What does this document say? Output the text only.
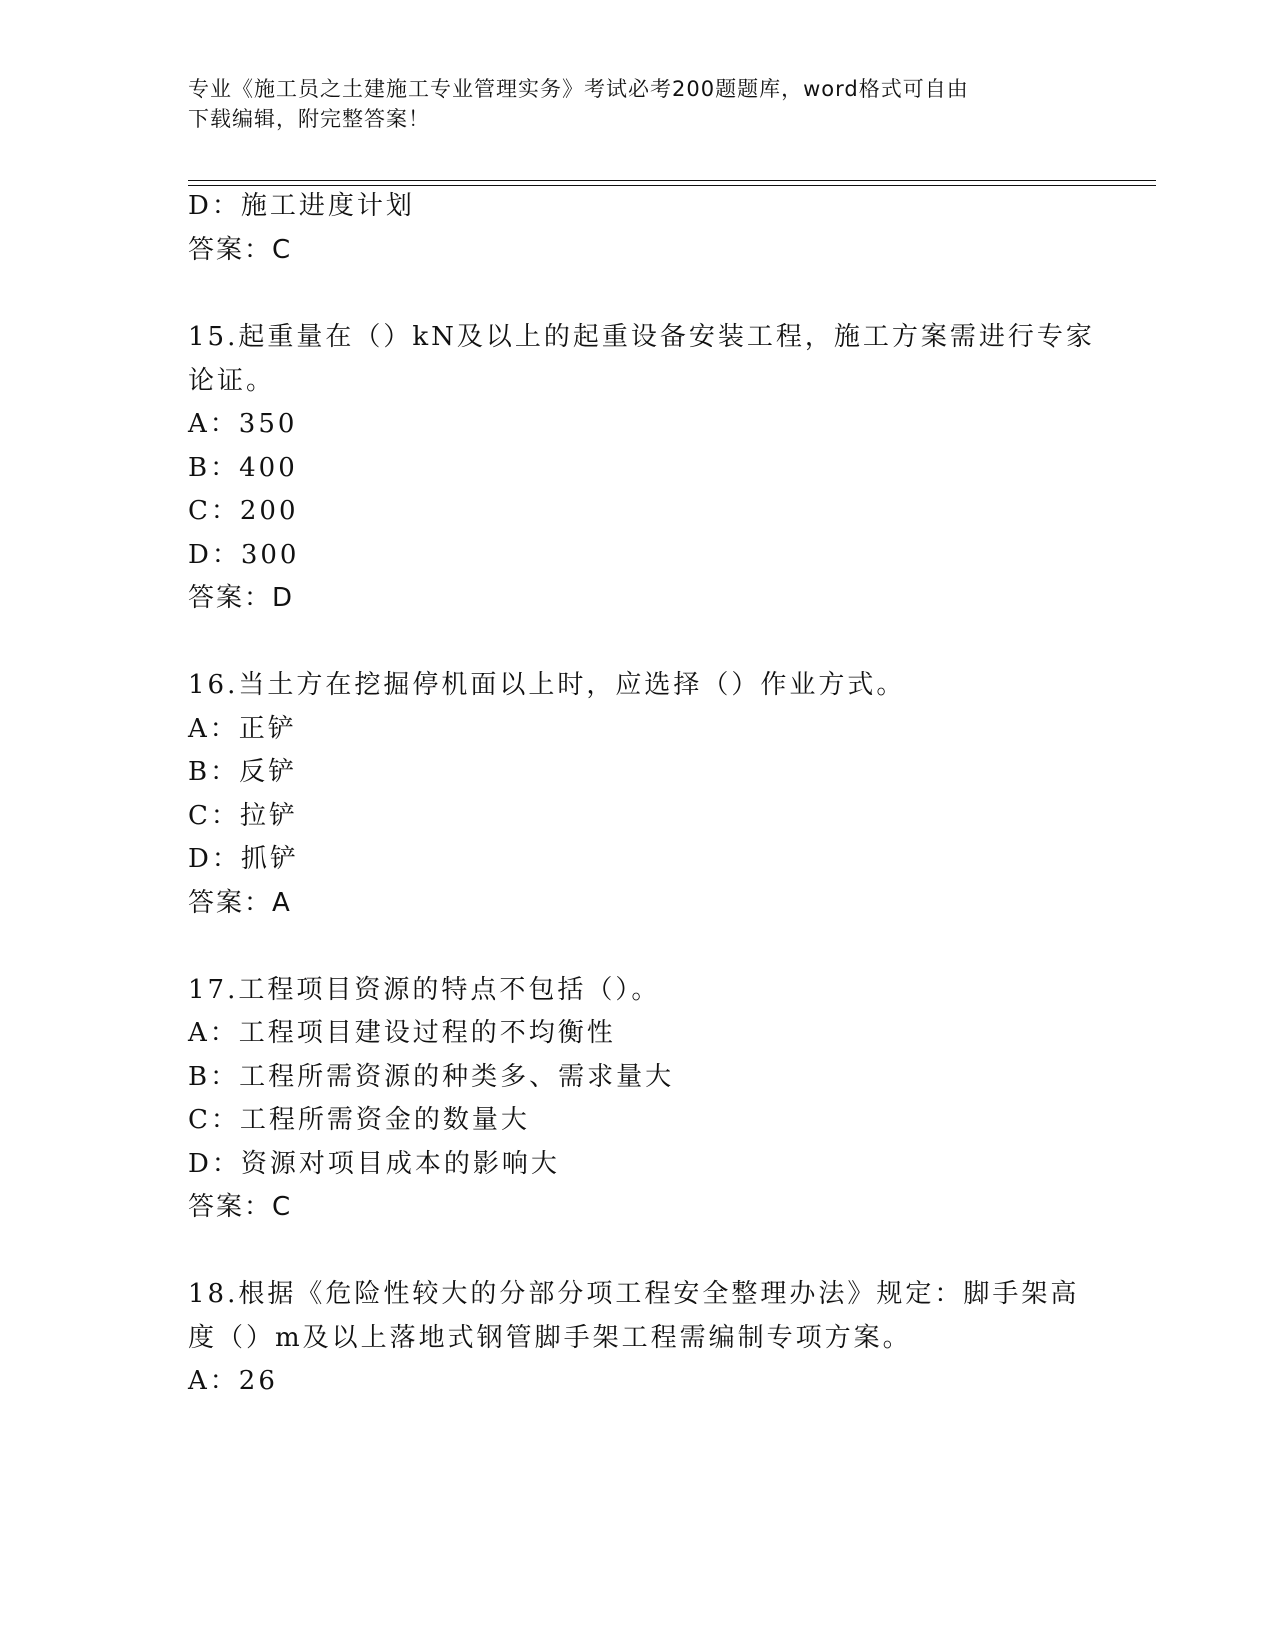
专业《施工员之土建施工专业管理实务》考试必考200题题库，word格式可自由
下载编辑，附完整答案！
D：施工进度计划
答案：C
15.起重量在（）kN及以上的起重设备安装工程，施工方案需进行专家
论证。
A：350
B：400
C：200
D：300
答案：D
16.当土方在挖掘停机面以上时，应选择（）作业方式。
A：正铲
B：反铲
C：拉铲
D：抓铲
答案：A
17.工程项目资源的特点不包括（）。
A：工程项目建设过程的不均衡性
B：工程所需资源的种类多、需求量大
C：工程所需资金的数量大
D：资源对项目成本的影响大
答案：C
18.根据《危险性较大的分部分项工程安全整理办法》规定：脚手架高
度（）m及以上落地式钢管脚手架工程需编制专项方案。
A：26
